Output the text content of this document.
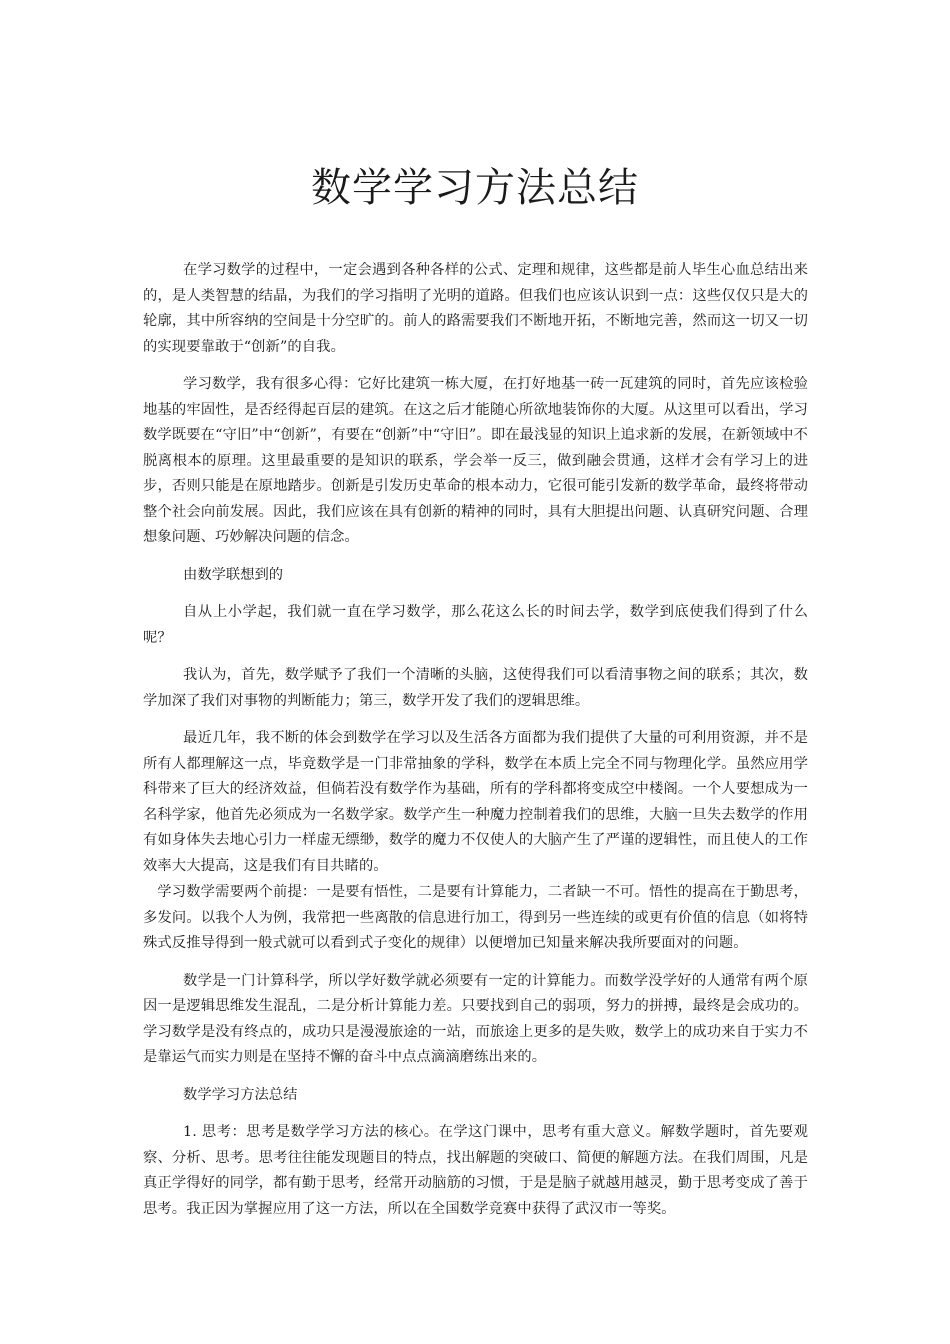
数学学习方法总结

在学习数学的过程中，一定会遇到各种各样的公式、定理和规律，这些都是前人毕生心血总结出来的，是人类智慧的结晶，为我们的学习指明了光明的道路。但我们也应该认识到一点：这些仅仅只是大的轮廓，其中所容纳的空间是十分空旷的。前人的路需要我们不断地开拓，不断地完善，然而这一切又一切的实现要靠敢于“创新”的自我。

学习数学，我有很多心得：它好比建筑一栋大厦，在打好地基一砖一瓦建筑的同时，首先应该检验地基的牢固性，是否经得起百层的建筑。在这之后才能随心所欲地装饰你的大厦。从这里可以看出，学习数学既要在“守旧”中“创新”，有要在“创新”中“守旧”。即在最浅显的知识上追求新的发展，在新领域中不脱离根本的原理。这里最重要的是知识的联系，学会举一反三，做到融会贯通，这样才会有学习上的进步，否则只能是在原地踏步。创新是引发历史革命的根本动力，它很可能引发新的数学革命，最终将带动整个社会向前发展。因此，我们应该在具有创新的精神的同时，具有大胆提出问题、认真研究问题、合理想象问题、巧妙解决问题的信念。

由数学联想到的

自从上小学起，我们就一直在学习数学，那么花这么长的时间去学，数学到底使我们得到了什么呢？

我认为，首先，数学赋予了我们一个清晰的头脑，这使得我们可以看清事物之间的联系；其次，数学加深了我们对事物的判断能力；第三，数学开发了我们的逻辑思维。

最近几年，我不断的体会到数学在学习以及生活各方面都为我们提供了大量的可利用资源，并不是所有人都理解这一点，毕竟数学是一门非常抽象的学科，数学在本质上完全不同与物理化学。虽然应用学科带来了巨大的经济效益，但倘若没有数学作为基础，所有的学科都将变成空中楼阁。一个人要想成为一名科学家，他首先必须成为一名数学家。数学产生一种魔力控制着我们的思维，大脑一旦失去数学的作用有如身体失去地心引力一样虚无缥缈，数学的魔力不仅使人的大脑产生了严谨的逻辑性，而且使人的工作效率大大提高，这是我们有目共睹的。

学习数学需要两个前提：一是要有悟性，二是要有计算能力，二者缺一不可。悟性的提高在于勤思考，多发问。以我个人为例，我常把一些离散的信息进行加工，得到另一些连续的或更有价值的信息（如将特殊式反推导得到一般式就可以看到式子变化的规律）以便增加已知量来解决我所要面对的问题。

数学是一门计算科学，所以学好数学就必须要有一定的计算能力。而数学没学好的人通常有两个原因一是逻辑思维发生混乱，二是分析计算能力差。只要找到自己的弱项，努力的拼搏，最终是会成功的。学习数学是没有终点的，成功只是漫漫旅途的一站，而旅途上更多的是失败，数学上的成功来自于实力不是靠运气而实力则是在坚持不懈的奋斗中点点滴滴磨练出来的。

数学学习方法总结

1. 思考：思考是数学学习方法的核心。在学这门课中，思考有重大意义。解数学题时，首先要观察、分析、思考。思考往往能发现题目的特点，找出解题的突破口、简便的解题方法。在我们周围，凡是真正学得好的同学，都有勤于思考，经常开动脑筋的习惯，于是是脑子就越用越灵，勤于思考变成了善于思考。我正因为掌握应用了这一方法，所以在全国数学竞赛中获得了武汉市一等奖。
